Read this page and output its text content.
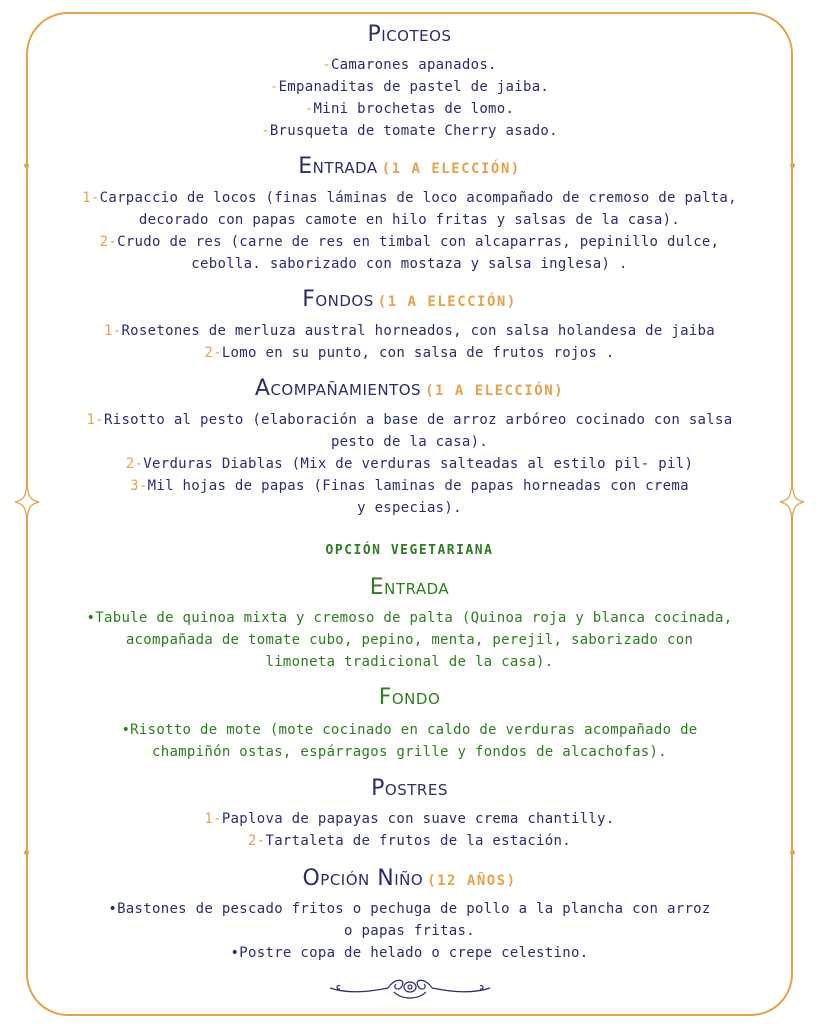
Picoteos
-Camarones apanados.
-Empanaditas de pastel de jaiba.
-Mini brochetas de lomo.
-Brusqueta de tomate Cherry asado.
Entrada (1 A ELECCIÓN)
1-Carpaccio de locos (finas láminas de loco acompañado de cremoso de palta,
decorado con papas camote en hilo fritas y salsas de la casa).
2-Crudo de res (carne de res en timbal con alcaparras, pepinillo dulce,
cebolla. saborizado con mostaza y salsa inglesa) .
Fondos (1 A ELECCIÓN)
1-Rosetones de merluza austral horneados, con salsa holandesa de jaiba
2-Lomo en su punto, con salsa de frutos rojos .
Acompañamientos (1 A ELECCIÓN)
1-Risotto al pesto (elaboración a base de arroz arbóreo cocinado con salsa
pesto de la casa).
2-Verduras Diablas (Mix de verduras salteadas al estilo pil- pil)
3-Mil hojas de papas (Finas laminas de papas horneadas con crema
y especias).
OPCIÓN VEGETARIANA
Entrada
•Tabule de quinoa mixta y cremoso de palta (Quinoa roja y blanca cocinada,
acompañada de tomate cubo, pepino, menta, perejil, saborizado con
limoneta tradicional de la casa).
Fondo
•Risotto de mote (mote cocinado en caldo de verduras acompañado de
champiñón ostas, espárragos grille y fondos de alcachofas).
Postres
1-Paplova de papayas con suave crema chantilly.
2-Tartaleta de frutos de la estación.
Opción Niño (12 AÑOS)
•Bastones de pescado fritos o pechuga de pollo a la plancha con arroz
o papas fritas.
•Postre copa de helado o crepe celestino.
